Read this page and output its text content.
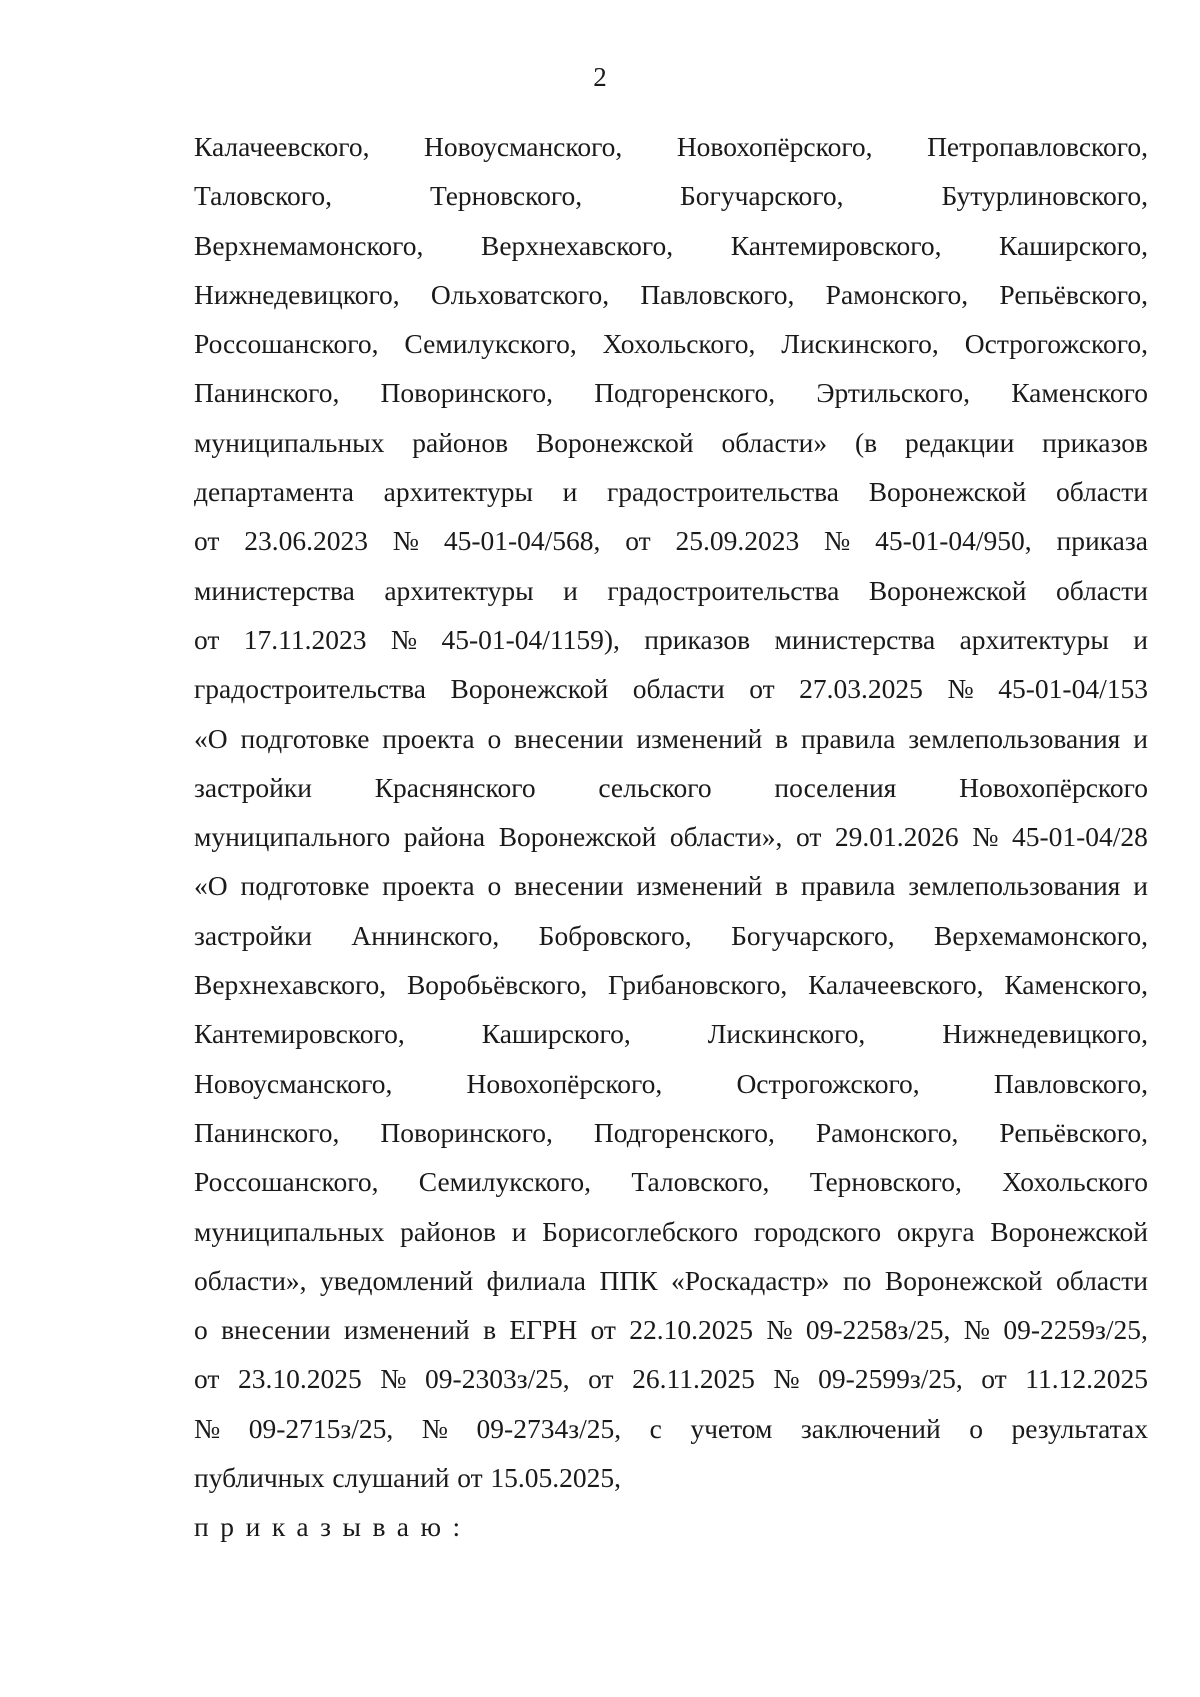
2
Калачеевского, Новоусманского, Новохопёрского, Петропавловского,
Таловского,	Терновского,	Богучарского,	Бутурлиновского,
Верхнемамонского, Верхнехавского, Кантемировского, Каширского,
Нижнедевицкого, Ольховатского, Павловского, Рамонского, Репьёвского,
Россошанского, Семилукского, Хохольского, Лискинского, Острогожского,
Панинского, Поворинского, Подгоренского, Эртильского, Каменского
муниципальных районов Воронежской области» (в редакции приказов
департамента архитектуры и градостроительства Воронежской области
от 23.06.2023 № 45-01-04/568, от 25.09.2023 № 45-01-04/950, приказа
министерства архитектуры и градостроительства Воронежской области
от 17.11.2023 № 45-01-04/1159), приказов министерства архитектуры и
градостроительства Воронежской области от 27.03.2025 № 45-01-04/153
«О подготовке проекта о внесении изменений в правила землепользования и
застройки Краснянского сельского поселения Новохопёрского
муниципального района Воронежской области», от 29.01.2026 № 45-01-04/28
«О подготовке проекта о внесении изменений в правила землепользования и
застройки Аннинского, Бобровского, Богучарского, Верхемамонского,
Верхнехавского, Воробьёвского, Грибановского, Калачеевского, Каменского,
Кантемировского,	Каширского,	Лискинского,	Нижнедевицкого,
Новоусманского,	Новохопёрского,	Острогожского,	Павловского,
Панинского, Поворинского, Подгоренского, Рамонского, Репьёвского,
Россошанского, Семилукского, Таловского, Терновского, Хохольского
муниципальных районов и Борисоглебского городского округа Воронежской
области», уведомлений филиала ППК «Роскадастр» по Воронежской области
о внесении изменений в ЕГРН от 22.10.2025 № 09-2258з/25, № 09-2259з/25,
от 23.10.2025 № 09-2303з/25, от 26.11.2025 № 09-2599з/25, от 11.12.2025
№ 09-2715з/25, № 09-2734з/25, с учетом заключений о результатах
публичных слушаний от 15.05.2025,
приказываю:
